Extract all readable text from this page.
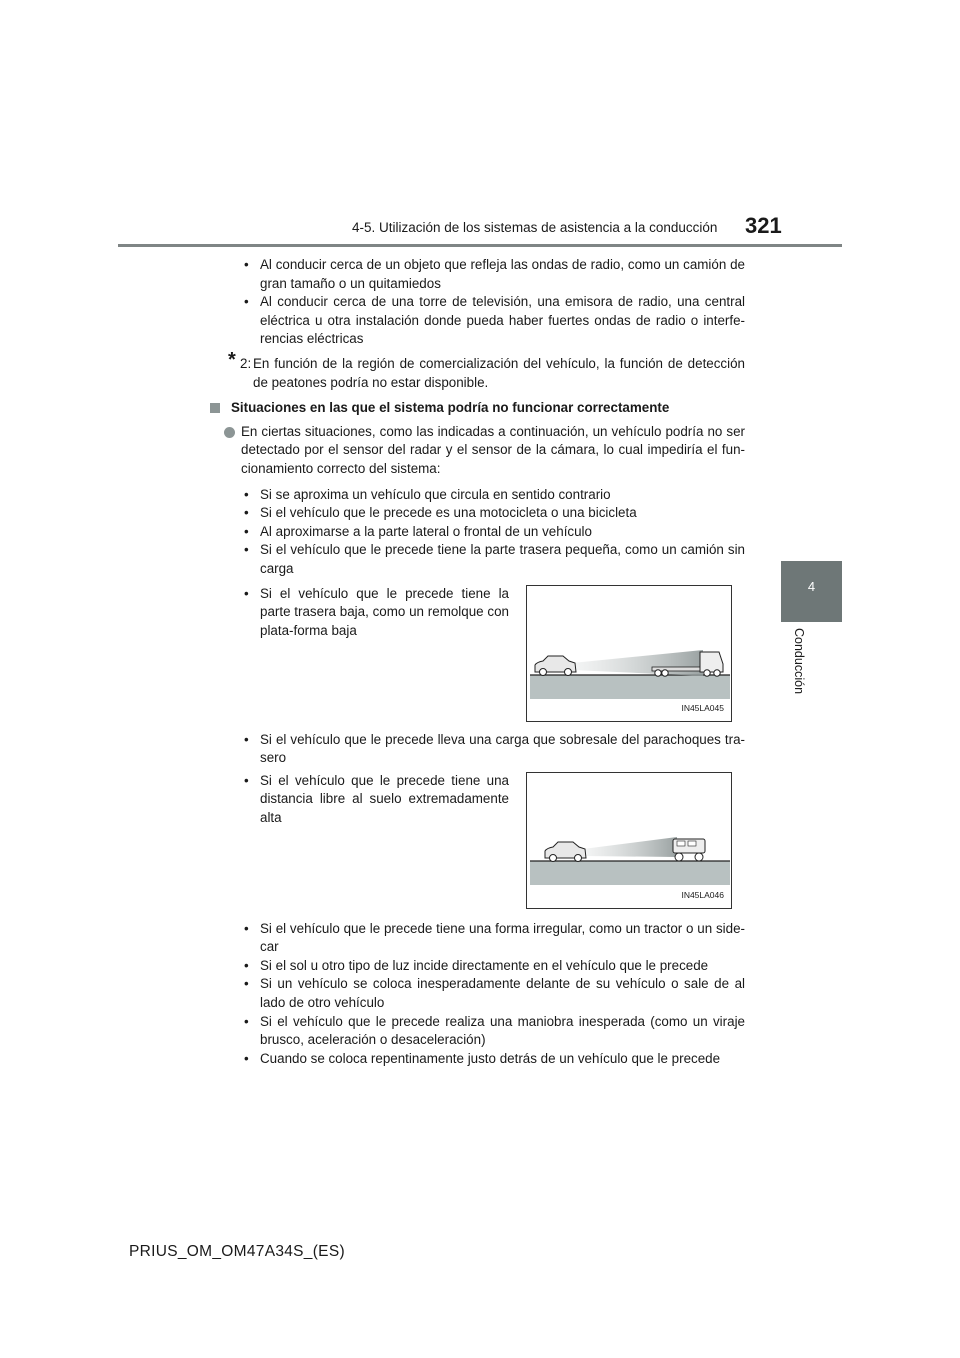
4-5. Utilización de los sistemas de asistencia a la conducción 321
4
Conducción
• Al conducir cerca de un objeto que refleja las ondas de radio, como un camión de gran tamaño o un quitamiedos
• Al conducir cerca de una torre de televisión, una emisora de radio, una central eléctrica u otra instalación donde pueda haber fuertes ondas de radio o interfe-rencias eléctricas
* 2: En función de la región de comercialización del vehículo, la función de detección de peatones podría no estar disponible.
Situaciones en las que el sistema podría no funcionar correctamente
En ciertas situaciones, como las indicadas a continuación, un vehículo podría no ser detectado por el sensor del radar y el sensor de la cámara, lo cual impediría el fun-cionamiento correcto del sistema:
• Si se aproxima un vehículo que circula en sentido contrario
• Si el vehículo que le precede es una motocicleta o una bicicleta
• Al aproximarse a la parte lateral o frontal de un vehículo
• Si el vehículo que le precede tiene la parte trasera pequeña, como un camión sin carga
• Si el vehículo que le precede tiene la parte trasera baja, como un remolque con plata-forma baja
IN45LA045
• Si el vehículo que le precede lleva una carga que sobresale del parachoques tra-sero
• Si el vehículo que le precede tiene una distancia libre al suelo extremadamente alta
IN45LA046
• Si el vehículo que le precede tiene una forma irregular, como un tractor o un side-car
• Si el sol u otro tipo de luz incide directamente en el vehículo que le precede
• Si un vehículo se coloca inesperadamente delante de su vehículo o sale de al lado de otro vehículo
• Si el vehículo que le precede realiza una maniobra inesperada (como un viraje brusco, aceleración o desaceleración)
• Cuando se coloca repentinamente justo detrás de un vehículo que le precede
PRIUS_OM_OM47A34S_(ES)
